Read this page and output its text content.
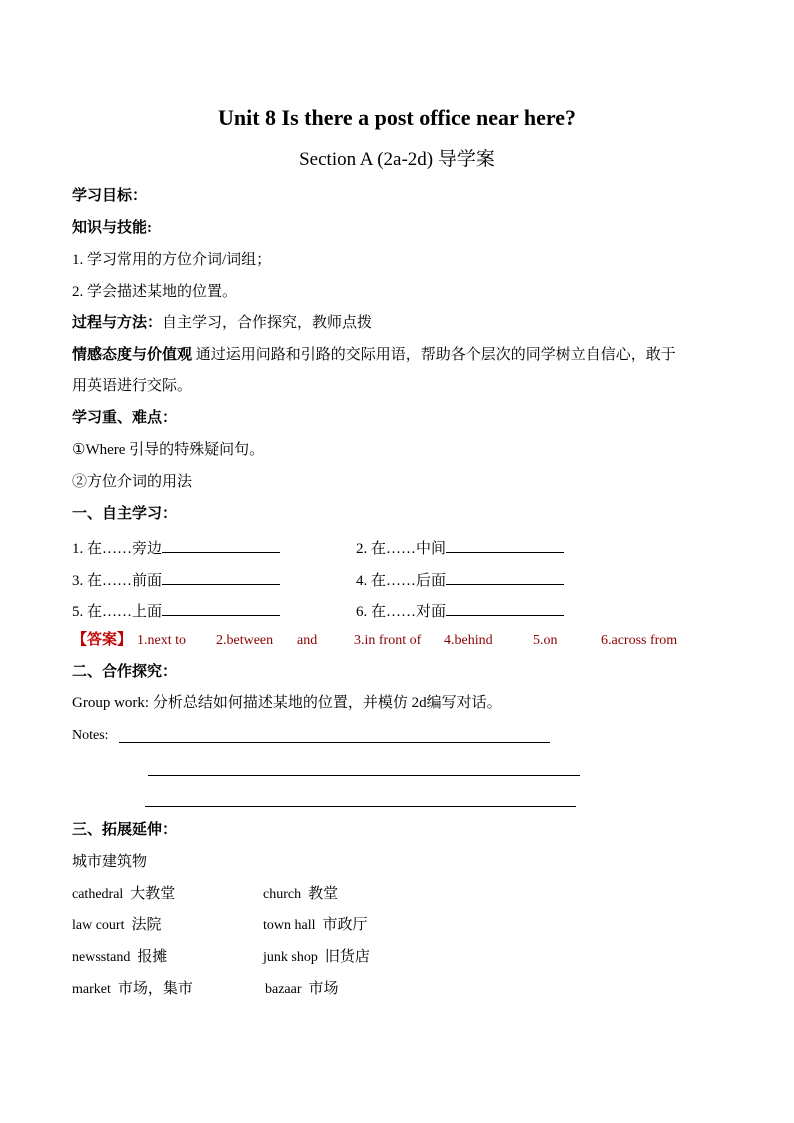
Unit 8 Is there a post office near here?
Section A (2a-2d) 导学案
学习目标：
知识与技能:
1. 学习常用的方位介词/词组；
2. 学会描述某地的位置。
过程与方法：自主学习，合作探究，教师点拨
情感态度与价值观 通过运用问路和引路的交际用语，帮助各个层次的同学树立自信心，敢于
用英语进行交际。
学习重、难点：
①Where 引导的特殊疑问句。
②方位介词的用法
一、自主学习：
1. 在……旁边	2. 在……中间
3. 在……前面	4. 在……后面
5. 在……上面	6. 在……对面
【答案】 1.next to 2.between and	3.in front of 4.behind	5.on	6.across from
二、合作探究：
Group work: 分析总结如何描述某地的位置，并模仿 2d编写对话。
Notes:
三、拓展延伸：
城市建筑物
cathedral 大教堂	church 教堂
law court 法院	town hall 市政厅
newsstand 报摊	junk shop 旧货店
market 市场，集市	bazaar 市场
